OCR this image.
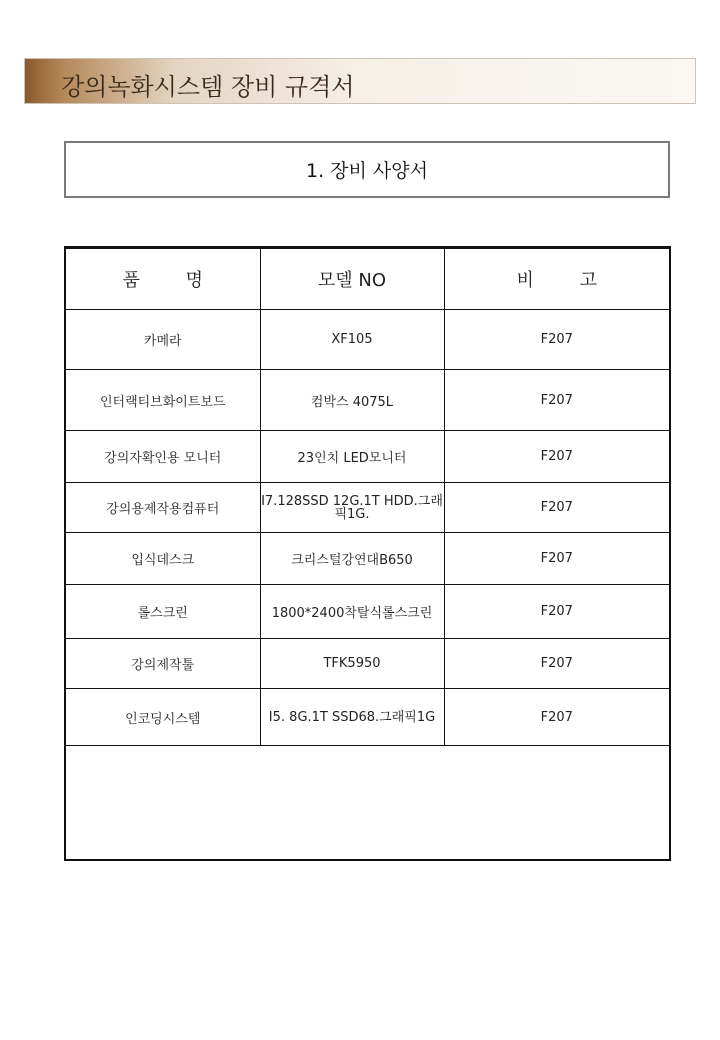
강의녹화시스템 장비 규격서
1. 장비 사양서
품 명	모델 NO	비 고
카메라	XF105	F207
인터랙티브화이트보드	컴박스 4075L	F207
강의자확인용 모니터	23인치 LED모니터	F207
강의용제작용컴퓨터	I7.128SSD 12G.1T HDD.그래픽1G.	F207
입식데스크	크리스털강연대B650	F207
롤스크린	1800*2400착탈식롤스크린	F207
강의제작툴	TFK5950	F207
인코딩시스템	I5. 8G.1T SSD68.그래픽1G	F207
